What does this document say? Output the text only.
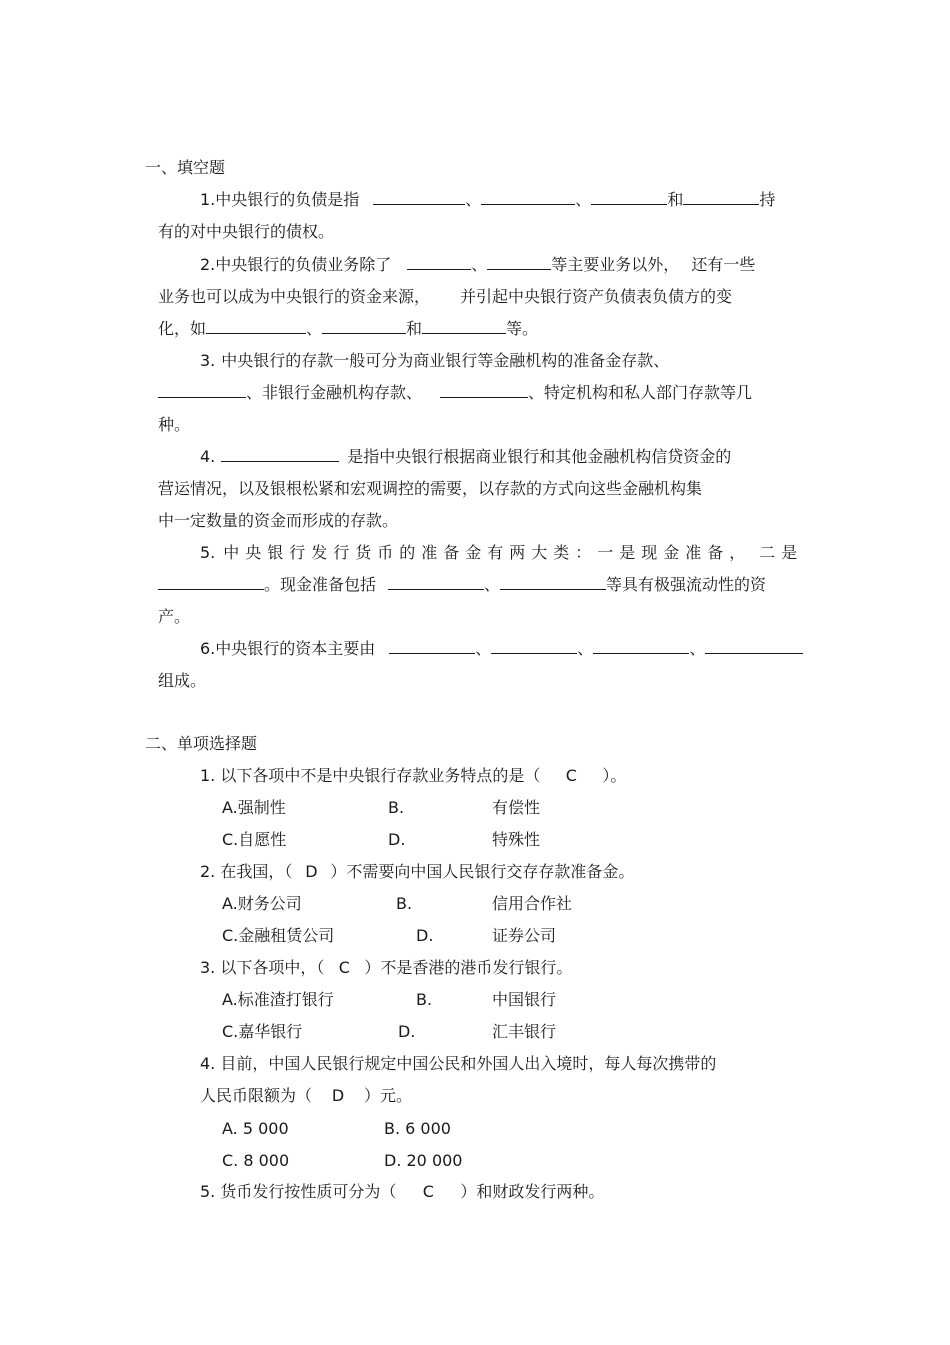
一、填空题
1.中央银行的负债是指	、	、	和	持
有的对中央银行的债权。
2.中央银行的负债业务除了	、	等主要业务以外， 还有一些
业务也可以成为中央银行的资金来源， 并引起中央银行资产负债表负债方的变
化，如	、	和	等。
3. 中央银行的存款一般可分为商业银行等金融机构的准备金存款、
、非银行金融机构存款、	、特定机构和私人部门存款等几
种。
4.	是指中央银行根据商业银行和其他金融机构信贷资金的
营运情况，以及银根松紧和宏观调控的需要，以存款的方式向这些金融机构集
中一定数量的资金而形成的存款。
5. 中央银行发行货币的准备金有两大类：一是现金准备， 二是
。现金准备包括	、	等具有极强流动性的资
产。
6.中央银行的资本主要由	、	、	、
组成。
二、单项选择题
1. 以下各项中不是中央银行存款业务特点的是（ C ）。
A.强制性	B.	有偿性
C.自愿性	D.	特殊性
2. 在我国，（ D ）不需要向中国人民银行交存存款准备金。
A.财务公司	B.	信用合作社
C.金融租赁公司	D.	证券公司
3. 以下各项中，（ C ）不是香港的港币发行银行。
A.标准渣打银行	B.	中国银行
C.嘉华银行	D.	汇丰银行
4. 目前，中国人民银行规定中国公民和外国人出入境时，每人每次携带的
人民币限额为（ D ）元。
A. 5 000	B. 6 000
C. 8 000	D. 20 000
5. 货币发行按性质可分为（ C ）和财政发行两种。
